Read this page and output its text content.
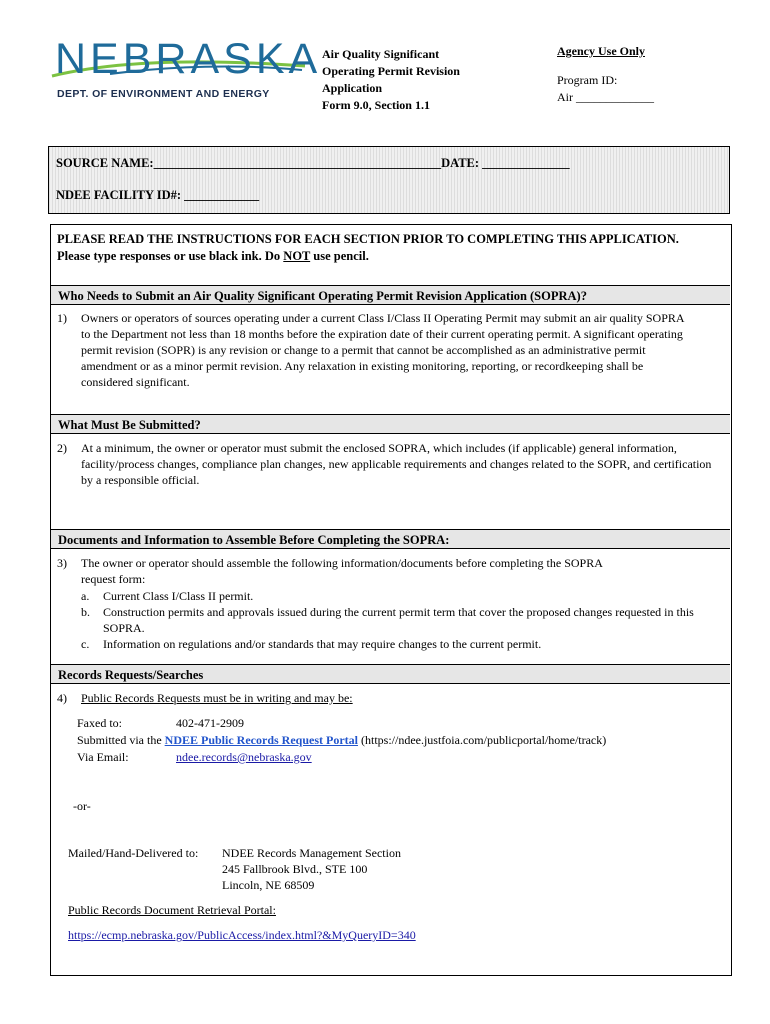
NEBRASKA
DEPT. OF ENVIRONMENT AND ENERGY
Air Quality Significant
Operating Permit Revision
Application
Form 9.0, Section 1.1
Agency Use Only
Program ID:
Air _____________
SOURCE NAME:______________________________________________DATE: ______________
NDEE FACILITY ID#: ____________
PLEASE READ THE INSTRUCTIONS FOR EACH SECTION PRIOR TO COMPLETING THIS APPLICATION.
Please type responses or use black ink. Do NOT use pencil.
Who Needs to Submit an Air Quality Significant Operating Permit Revision Application (SOPRA)?
1) Owners or operators of sources operating under a current Class I/Class II Operating Permit may submit an air quality SOPRA to the Department not less than 18 months before the expiration date of their current operating permit. A significant operating permit revision (SOPR) is any revision or change to a permit that cannot be accomplished as an administrative permit amendment or as a minor permit revision. Any relaxation in existing monitoring, reporting, or recordkeeping shall be considered significant.
What Must Be Submitted?
2) At a minimum, the owner or operator must submit the enclosed SOPRA, which includes (if applicable) general information, facility/process changes, compliance plan changes, new applicable requirements and changes related to the SOPR, and certification by a responsible official.
Documents and Information to Assemble Before Completing the SOPRA:
3) The owner or operator should assemble the following information/documents before completing the SOPRA request form:
a. Current Class I/Class II permit.
b. Construction permits and approvals issued during the current permit term that cover the proposed changes requested in this SOPRA.
c. Information on regulations and/or standards that may require changes to the current permit.
Records Requests/Searches
4) Public Records Requests must be in writing and may be:
Faxed to:	402-471-2909
Submitted via the NDEE Public Records Request Portal (https://ndee.justfoia.com/publicportal/home/track)
Via Email:	ndee.records@nebraska.gov
-or-
Mailed/Hand-Delivered to: NDEE Records Management Section
245 Fallbrook Blvd., STE 100
Lincoln, NE 68509
Public Records Document Retrieval Portal:
https://ecmp.nebraska.gov/PublicAccess/index.html?&MyQueryID=340
